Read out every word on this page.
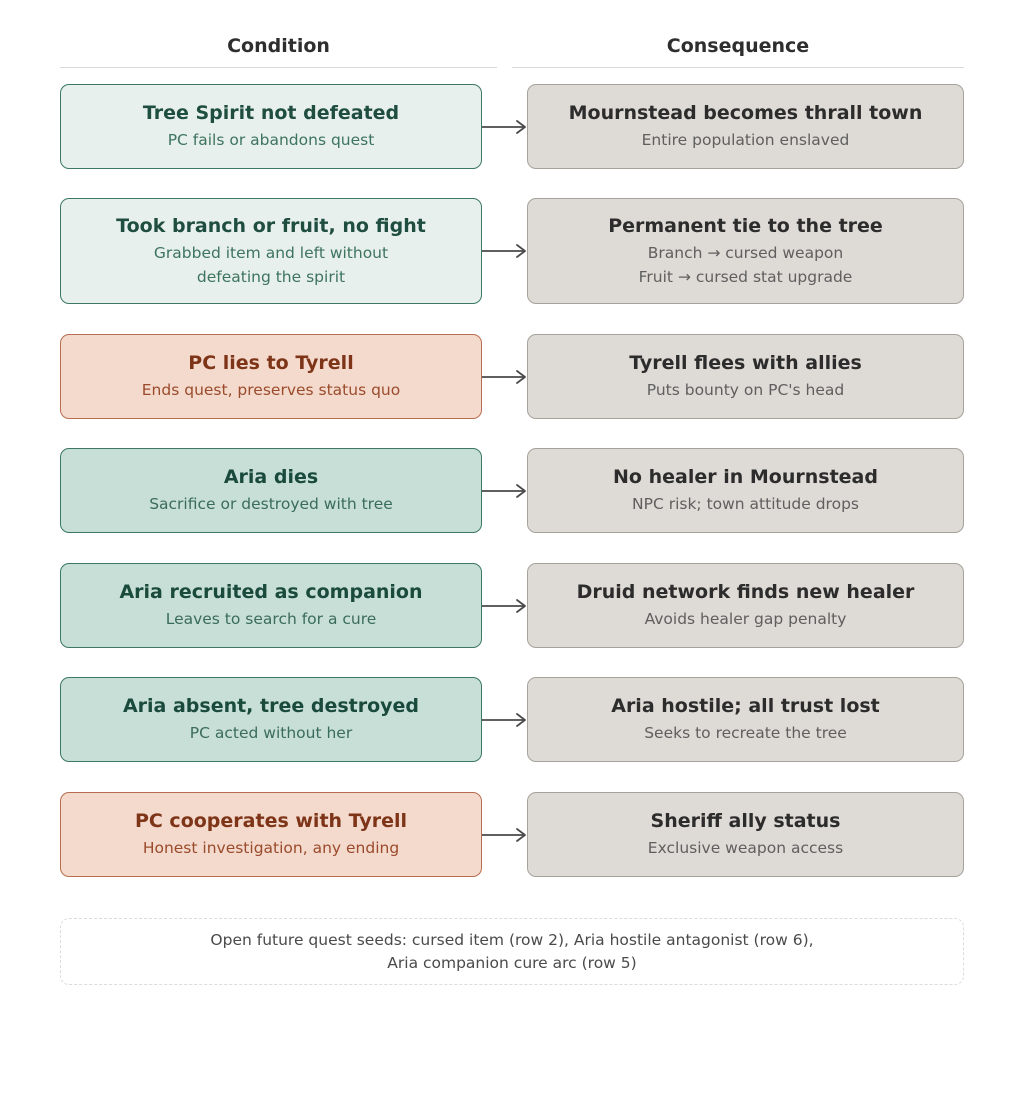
Condition	Consequence
Tree Spirit not defeated
PC fails or abandons quest
Mournstead becomes thrall town
Entire population enslaved
Took branch or fruit, no fight
Grabbed item and left without
defeating the spirit
Permanent tie to the tree
Branch → cursed weapon
Fruit → cursed stat upgrade
PC lies to Tyrell
Ends quest, preserves status quo
Tyrell flees with allies
Puts bounty on PC's head
Aria dies
Sacrifice or destroyed with tree
No healer in Mournstead
NPC risk; town attitude drops
Aria recruited as companion
Leaves to search for a cure
Druid network finds new healer
Avoids healer gap penalty
Aria absent, tree destroyed
PC acted without her
Aria hostile; all trust lost
Seeks to recreate the tree
PC cooperates with Tyrell
Honest investigation, any ending
Sheriff ally status
Exclusive weapon access
Open future quest seeds: cursed item (row 2), Aria hostile antagonist (row 6),
Aria companion cure arc (row 5)
